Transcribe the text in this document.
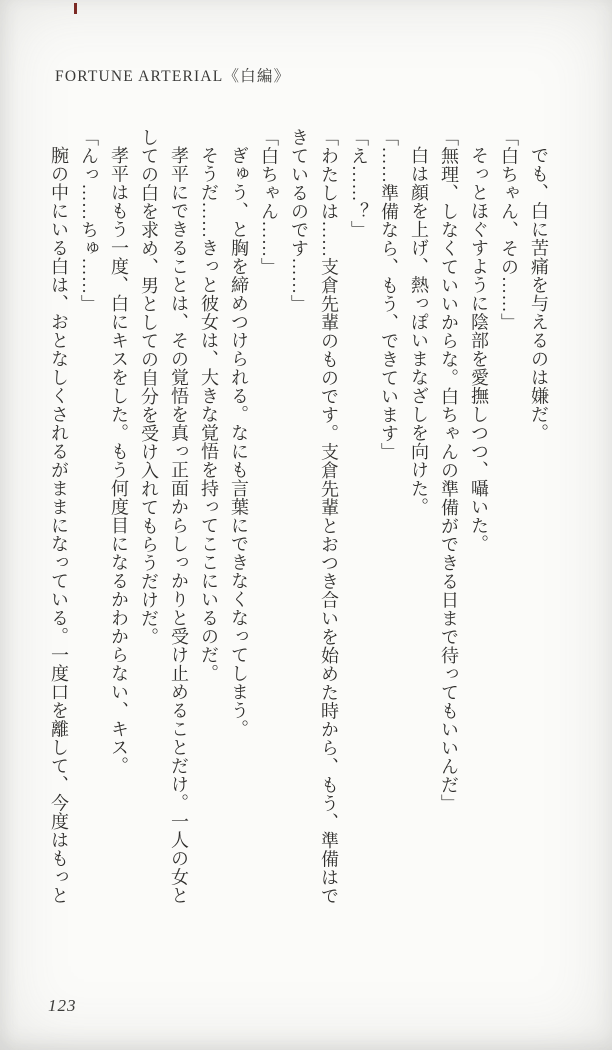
FORTUNE ARTERIAL《白編》
でも、白に苦痛を与えるのは嫌だ。
「白ちゃん、その……」
そっとほぐすように陰部を愛撫しつつ、囁いた。
「無理、しなくていいからな。白ちゃんの準備ができる日まで待ってもいいんだ」
白は顔を上げ、熱っぽいまなざしを向けた。
「……準備なら、もう、できています」
「え……？」
「わたしは……支倉先輩のものです。支倉先輩とおつき合いを始めた時から、もう、準備はで
きているのです……」
「白ちゃん……」
ぎゅう、と胸を締めつけられる。なにも言葉にできなくなってしまう。
そうだ……きっと彼女は、大きな覚悟を持ってここにいるのだ。
孝平にできることは、その覚悟を真っ正面からしっかりと受け止めることだけ。一人の女と
しての白を求め、男としての自分を受け入れてもらうだけだ。
孝平はもう一度、白にキスをした。もう何度目になるかわからない、キス。
「んっ……ちゅ……」
腕の中にいる白は、おとなしくされるがままになっている。一度口を離して、今度はもっと
123
